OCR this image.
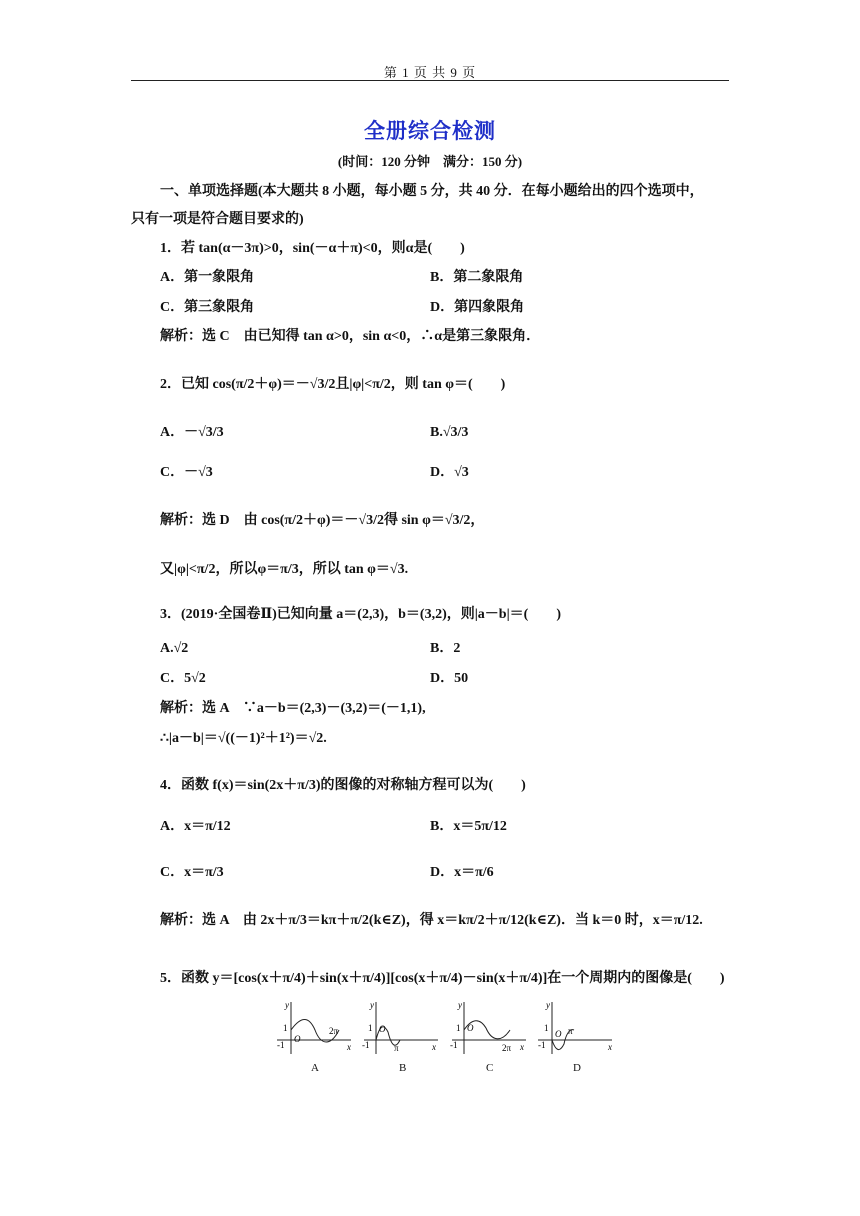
第 1 页 共 9 页
全册综合检测
(时间：120 分钟　满分：150 分)
一、单项选择题(本大题共 8 小题，每小题 5 分，共 40 分．在每小题给出的四个选项中，
只有一项是符合题目要求的)
1．若 tan(α－3π)>0，sin(－α＋π)<0，则α是(　　)
A．第一象限角	B．第二象限角
C．第三象限角	D．第四象限角
解析：选 C　由已知得 tan α>0，sin α<0，∴α是第三象限角．
2．已知 cos(π/2＋φ)＝－√3/2且|φ|<π/2，则 tan φ＝(　　)
A．－√3/3	B.√3/3
C．－√3	D．√3
解析：选 D　由 cos(π/2＋φ)＝－√3/2得 sin φ＝√3/2，
又|φ|<π/2，所以φ＝π/3，所以 tan φ＝√3.
3．(2019·全国卷Ⅱ)已知向量 a＝(2,3)，b＝(3,2)，则|a－b|＝(　　)
A.√2	B．2
C．5√2	D．50
解析：选 A　∵a－b＝(2,3)－(3,2)＝(－1,1),
∴|a－b|＝√((－1)²＋1²)＝√2.
4．函数 f(x)＝sin(2x＋π/3)的图像的对称轴方程可以为(　　)
A．x＝π/12	B．x＝5π/12
C．x＝π/3	D．x＝π/6
解析：选 A　由 2x＋π/3＝kπ＋π/2(k∈Z)，得 x＝kπ/2＋π/12(k∈Z)．当 k＝0 时，x＝π/12.
5．函数 y＝[cos(x＋π/4)＋sin(x＋π/4)][cos(x＋π/4)－sin(x＋π/4)]在一个周期内的图像是(　　)
y
x
1
-1
O
2π
A
y
x
1
-1
O
π
B
y
x
1
-1
O
2π
C
y
x
1
-1
O π
D
